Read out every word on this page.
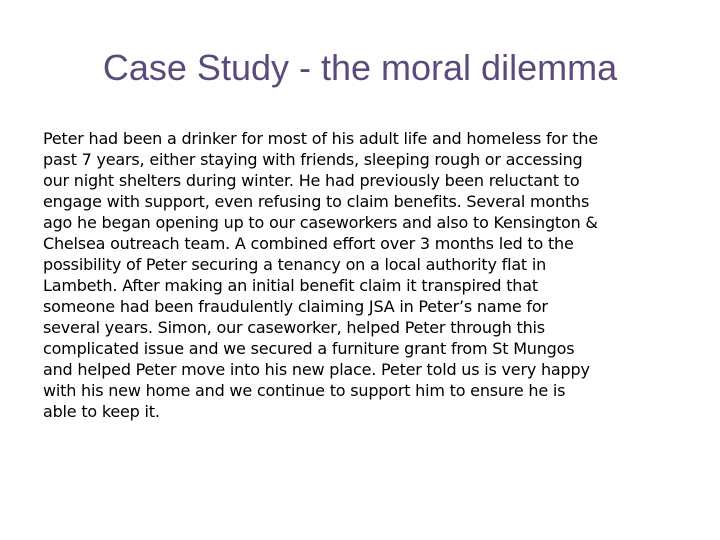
Case Study - the moral dilemma

Peter had been a drinker for most of his adult life and homeless for the
past 7 years, either staying with friends, sleeping rough or accessing
our night shelters during winter. He had previously been reluctant to
engage with support, even refusing to claim benefits. Several months
ago he began opening up to our caseworkers and also to Kensington &
Chelsea outreach team. A combined effort over 3 months led to the
possibility of Peter securing a tenancy on a local authority flat in
Lambeth. After making an initial benefit claim it transpired that
someone had been fraudulently claiming JSA in Peter’s name for
several years. Simon, our caseworker, helped Peter through this
complicated issue and we secured a furniture grant from St Mungos
and helped Peter move into his new place. Peter told us is very happy
with his new home and we continue to support him to ensure he is
able to keep it.
